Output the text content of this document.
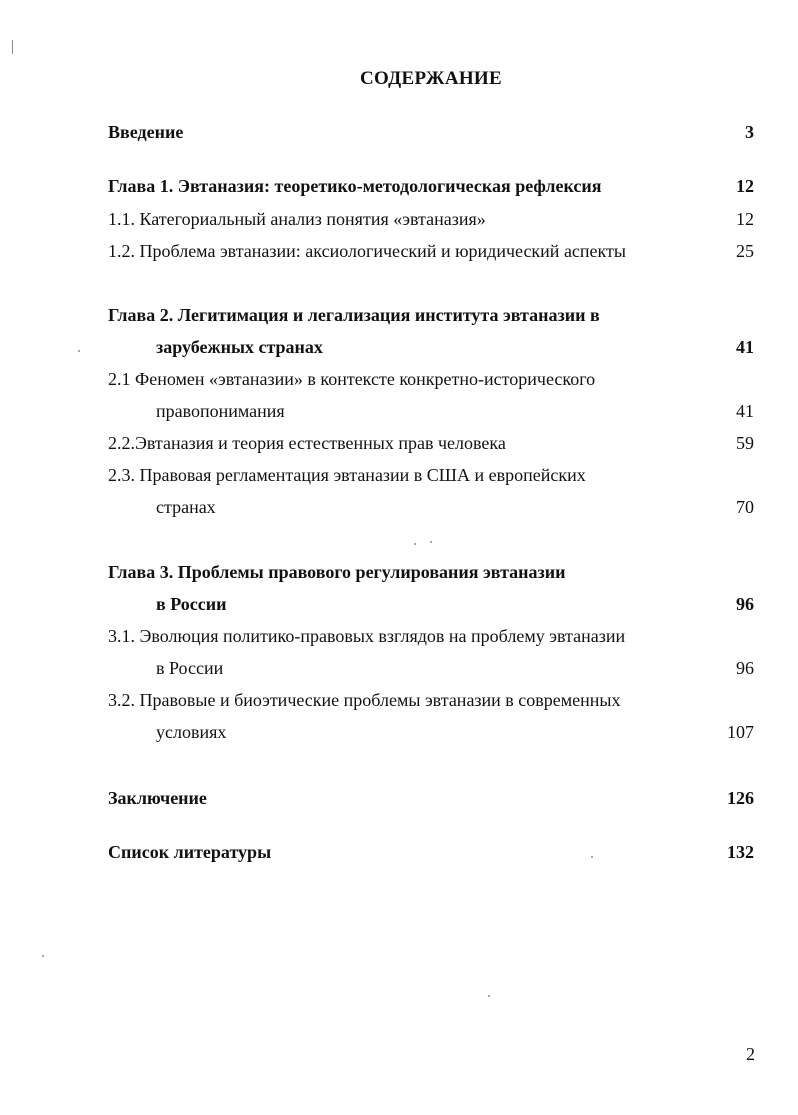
СОДЕРЖАНИЕ
Введение	3
Глава 1. Эвтаназия: теоретико-методологическая рефлексия	12
1.1. Категориальный анализ понятия «эвтаназия»	12
1.2. Проблема эвтаназии: аксиологический и юридический аспекты	25
Глава 2. Легитимация и легализация института эвтаназии в
зарубежных странах	41
2.1 Феномен «эвтаназии» в контексте конкретно-исторического
правопонимания	41
2.2.Эвтаназия и теория естественных прав человека	59
2.3. Правовая регламентация эвтаназии в США и европейских
странах	70
Глава 3. Проблемы правового регулирования эвтаназии
в России	96
3.1. Эволюция политико-правовых взглядов на проблему эвтаназии
в России	96
3.2. Правовые и биоэтические проблемы эвтаназии в современных
условиях	107
Заключение	126
Список литературы	132
2
